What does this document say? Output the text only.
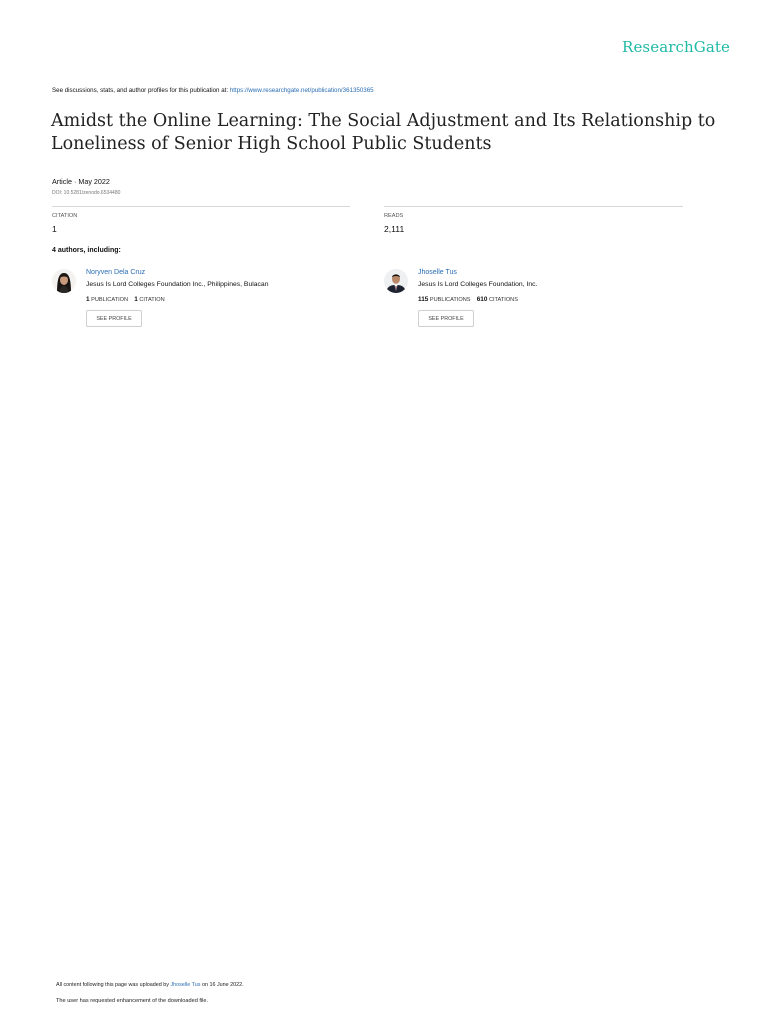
ResearchGate
See discussions, stats, and author profiles for this publication at: https://www.researchgate.net/publication/361350365
Amidst the Online Learning: The Social Adjustment and Its Relationship to Loneliness of Senior High School Public Students
Article · May 2022
DOI: 10.5281/zenodo.6534480
CITATION
1
READS
2,111
4 authors, including:
Noryven Dela Cruz
Jesus Is Lord Colleges Foundation Inc., Philippines, Bulacan
1 PUBLICATION 1 CITATION
SEE PROFILE
Jhoselle Tus
Jesus Is Lord Colleges Foundation, Inc.
115 PUBLICATIONS 610 CITATIONS
SEE PROFILE
All content following this page was uploaded by Jhoselle Tus on 16 June 2022.
The user has requested enhancement of the downloaded file.
